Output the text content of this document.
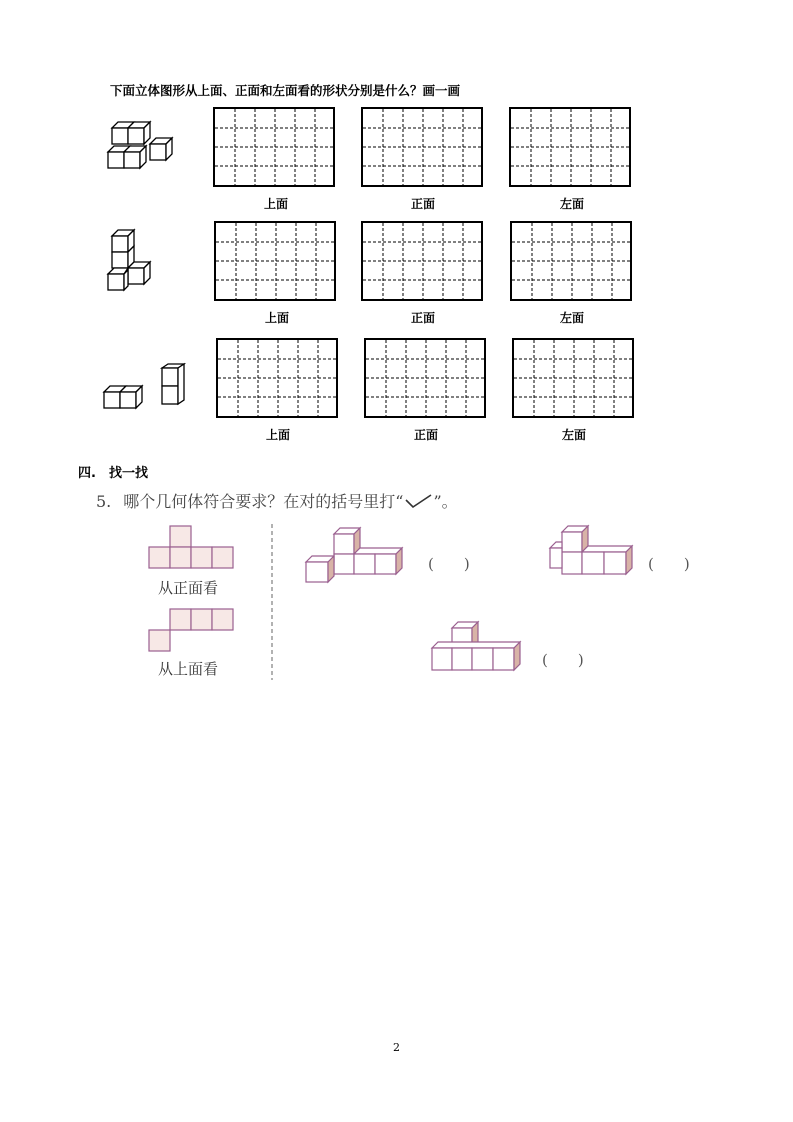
下面立体图形从上面、正面和左面看的形状分别是什么？画一画
上面	正面	左面
上面	正面	左面
上面	正面	左面
四.　找一找
5. 哪个几何体符合要求？在对的括号里打“ ”。
从正面看
从上面看
(　　)	(　　)
(　　)
2
